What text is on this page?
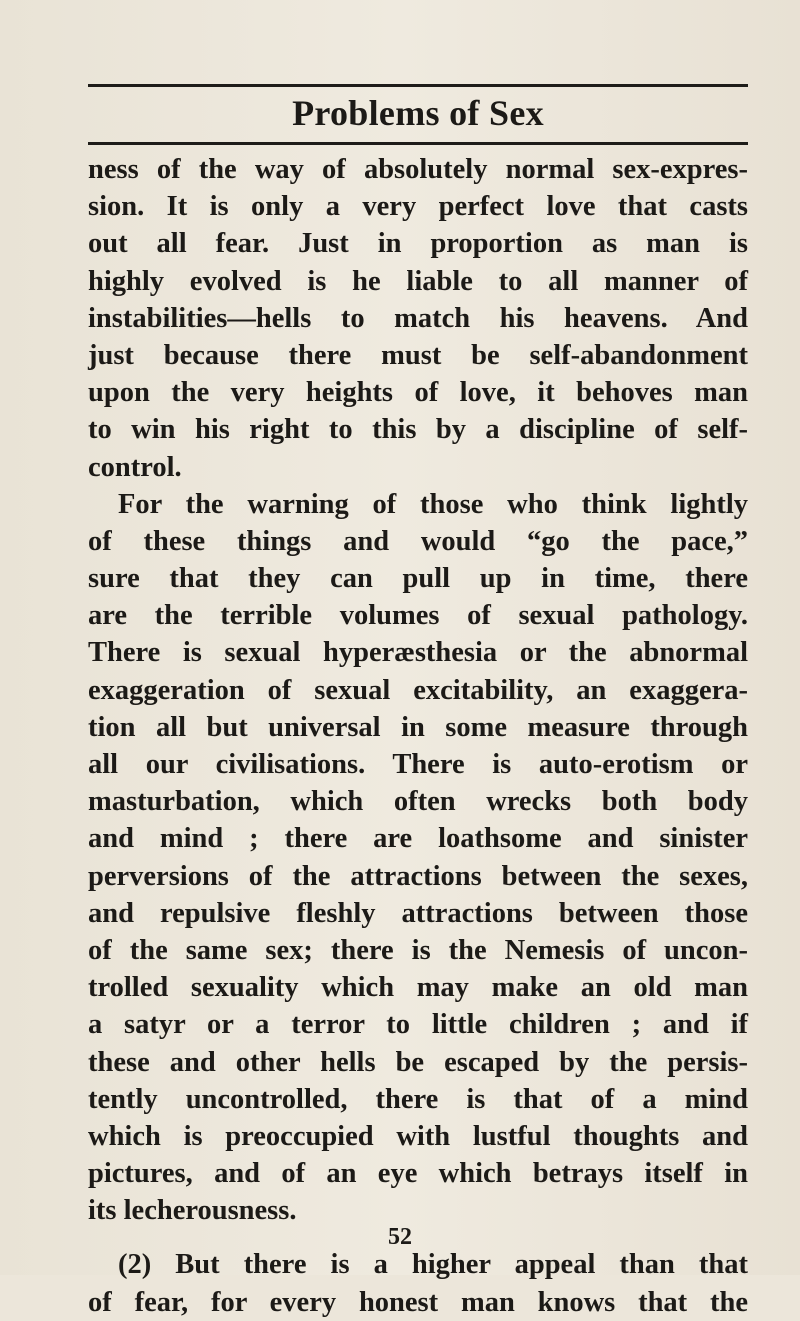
Problems of Sex
ness of the way of absolutely normal sex-expres-
sion. It is only a very perfect love that casts
out all fear. Just in proportion as man is
highly evolved is he liable to all manner of
instabilities—hells to match his heavens. And
just because there must be self-abandonment
upon the very heights of love, it behoves man
to win his right to this by a discipline of self-
control.
For the warning of those who think lightly
of these things and would “go the pace,”
sure that they can pull up in time, there
are the terrible volumes of sexual pathology.
There is sexual hyperæsthesia or the abnormal
exaggeration of sexual excitability, an exaggera-
tion all but universal in some measure through
all our civilisations. There is auto-erotism or
masturbation, which often wrecks both body
and mind ; there are loathsome and sinister
perversions of the attractions between the sexes,
and repulsive fleshly attractions between those
of the same sex; there is the Nemesis of uncon-
trolled sexuality which may make an old man
a satyr or a terror to little children ; and if
these and other hells be escaped by the persis-
tently uncontrolled, there is that of a mind
which is preoccupied with lustful thoughts and
pictures, and of an eye which betrays itself in
its lecherousness.
(2) But there is a higher appeal than that
of fear, for every honest man knows that the
52
